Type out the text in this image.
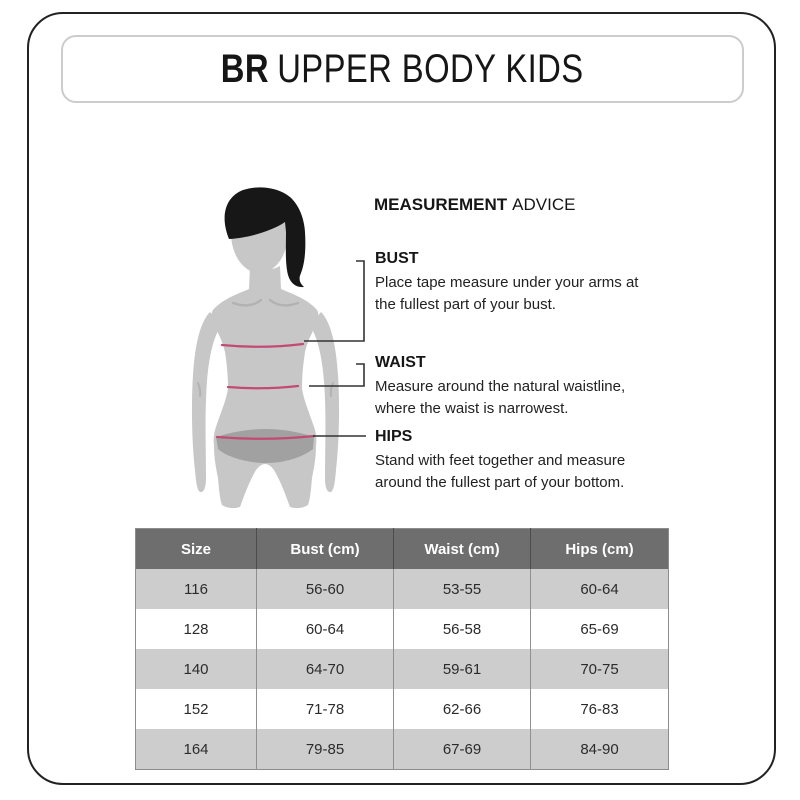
BR UPPER BODY KIDS
MEASUREMENT ADVICE
BUST

Place tape measure under your arms at

the fullest part of your bust.

WAIST

Measure around the natural waistline,

where the waist is narrowest.

HIPS

Stand with feet together and measure

around the fullest part of your bottom.

Size	Bust (cm)	Waist (cm)	Hips (cm)
116	56-60	53-55	60-64
128	60-64	56-58	65-69
140	64-70	59-61	70-75
152	71-78	62-66	76-83
164	79-85	67-69	84-90
